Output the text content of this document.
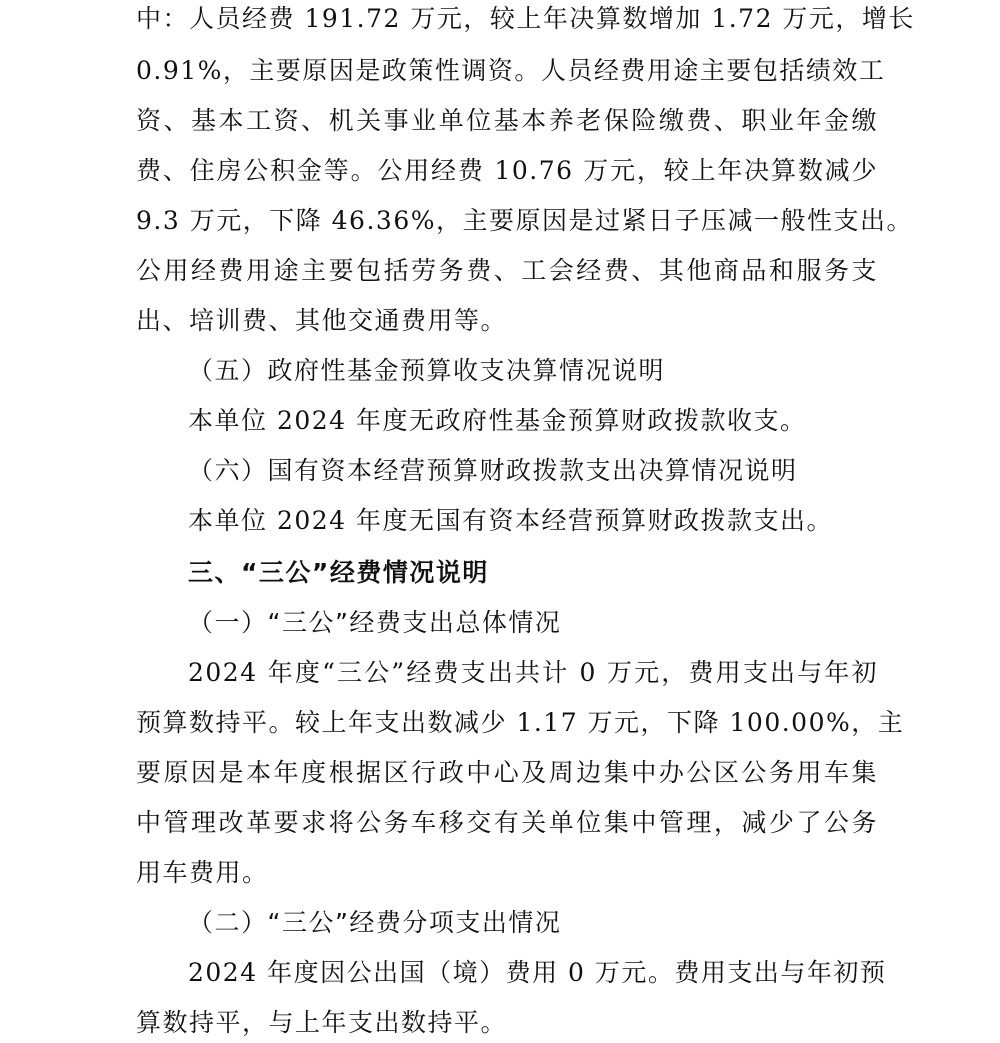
中：人员经费 191.72 万元，较上年决算数增加 1.72 万元，增长
0.91%，主要原因是政策性调资。人员经费用途主要包括绩效工
资、基本工资、机关事业单位基本养老保险缴费、职业年金缴
费、住房公积金等。公用经费 10.76 万元，较上年决算数减少
9.3 万元，下降 46.36%，主要原因是过紧日子压减一般性支出。
公用经费用途主要包括劳务费、工会经费、其他商品和服务支
出、培训费、其他交通费用等。
（五）政府性基金预算收支决算情况说明
本单位 2024 年度无政府性基金预算财政拨款收支。
（六）国有资本经营预算财政拨款支出决算情况说明
本单位 2024 年度无国有资本经营预算财政拨款支出。
三、“三公”经费情况说明
（一）“三公”经费支出总体情况
2024 年度“三公”经费支出共计 0 万元，费用支出与年初
预算数持平。较上年支出数减少 1.17 万元，下降 100.00%，主
要原因是本年度根据区行政中心及周边集中办公区公务用车集
中管理改革要求将公务车移交有关单位集中管理，减少了公务
用车费用。
（二）“三公”经费分项支出情况
2024 年度因公出国（境）费用 0 万元。费用支出与年初预
算数持平，与上年支出数持平。
